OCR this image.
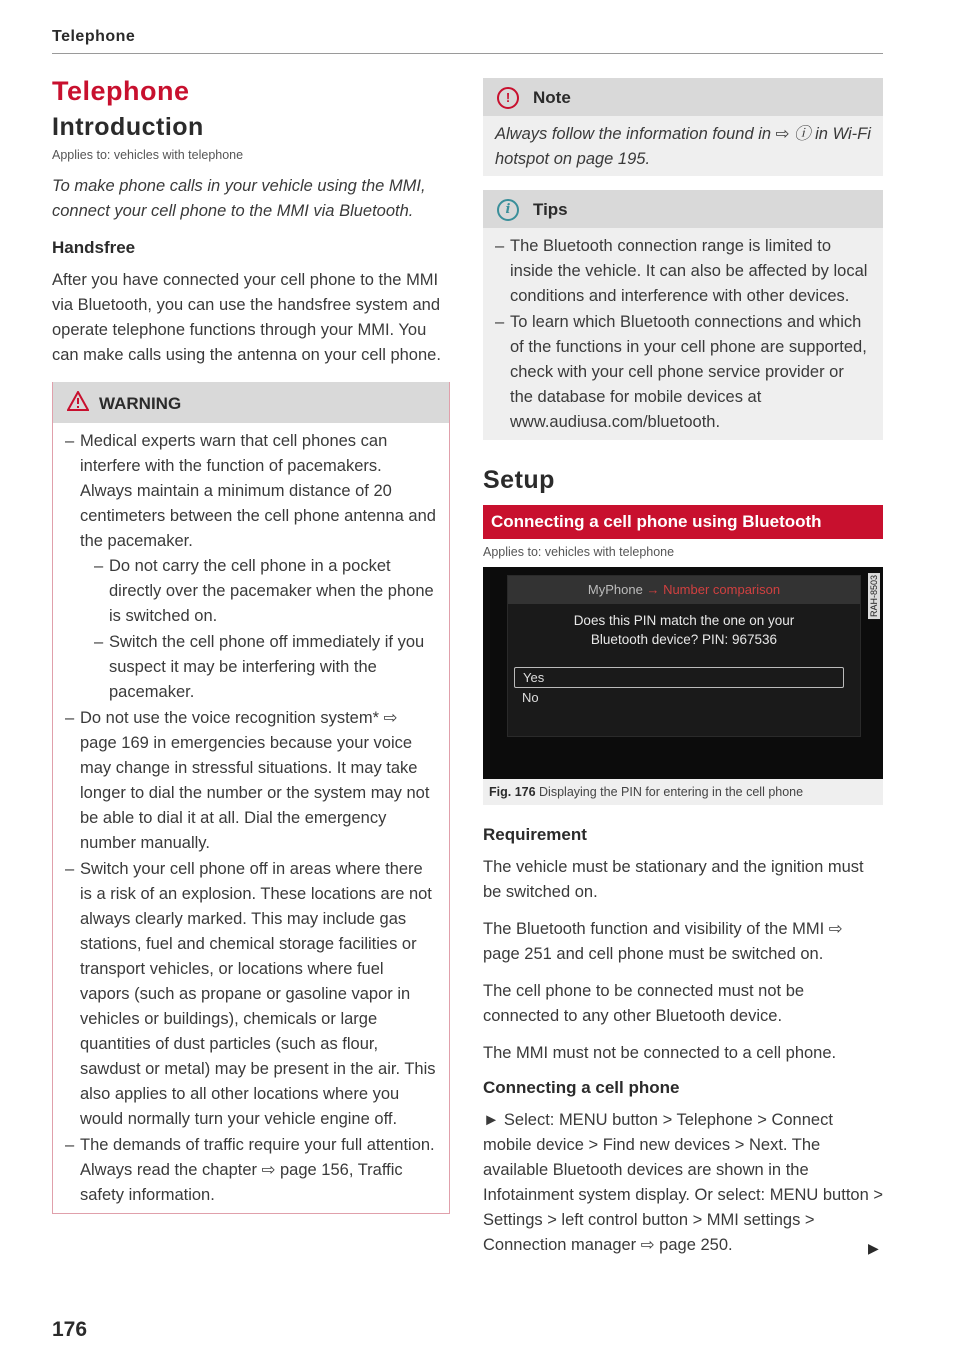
Telephone
Telephone
Introduction
Applies to: vehicles with telephone
To make phone calls in your vehicle using the MMI, connect your cell phone to the MMI via Bluetooth.
Handsfree

After you have connected your cell phone to the MMI via Bluetooth, you can use the handsfree system and operate telephone functions through your MMI. You can make calls using the antenna on your cell phone.

WARNING
– Medical experts warn that cell phones can interfere with the function of pacemakers. Always maintain a minimum distance of 20 centimeters between the cell phone antenna and the pacemaker.
– Do not carry the cell phone in a pocket directly over the pacemaker when the phone is switched on.
– Switch the cell phone off immediately if you suspect it may be interfering with the pacemaker.
– Do not use the voice recognition system* ⇨ page 169 in emergencies because your voice may change in stressful situations. It may take longer to dial the number or the system may not be able to dial it at all. Dial the emergency number manually.
– Switch your cell phone off in areas where there is a risk of an explosion. These locations are not always clearly marked. This may include gas stations, fuel and chemical storage facilities or transport vehicles, or locations where fuel vapors (such as propane or gasoline vapor in vehicles or buildings), chemicals or large quantities of dust particles (such as flour, sawdust or metal) may be present in the air. This also applies to all other locations where you would normally turn your vehicle engine off.
– The demands of traffic require your full attention. Always read the chapter ⇨ page 156, Traffic safety information.
!	Note

Always follow the information found in ⇨ ⓘ in Wi-Fi hotspot on page 195.

i	Tips
– The Bluetooth connection range is limited to inside the vehicle. It can also be affected by local conditions and interference with other devices.
– To learn which Bluetooth connections and which of the functions in your cell phone are supported, check with your cell phone service provider or the database for mobile devices at www.audiusa.com/bluetooth.
Setup
Connecting a cell phone using Bluetooth
Applies to: vehicles with telephone
MyPhone → Number comparison
Does this PIN match the one on your
Bluetooth device? PIN: 967536
Yes
No
RAH-8503
Fig. 176 Displaying the PIN for entering in the cell phone
Requirement

The vehicle must be stationary and the ignition must be switched on.

The Bluetooth function and visibility of the MMI ⇨ page 251 and cell phone must be switched on.

The cell phone to be connected must not be connected to any other Bluetooth device.

The MMI must not be connected to a cell phone.

Connecting a cell phone

► Select: MENU button > Telephone > Connect mobile device > Find new devices > Next. The available Bluetooth devices are shown in the Infotainment system display. Or select: MENU button > Settings > left control button > MMI settings > Connection manager ⇨ page 250.	▶
176
